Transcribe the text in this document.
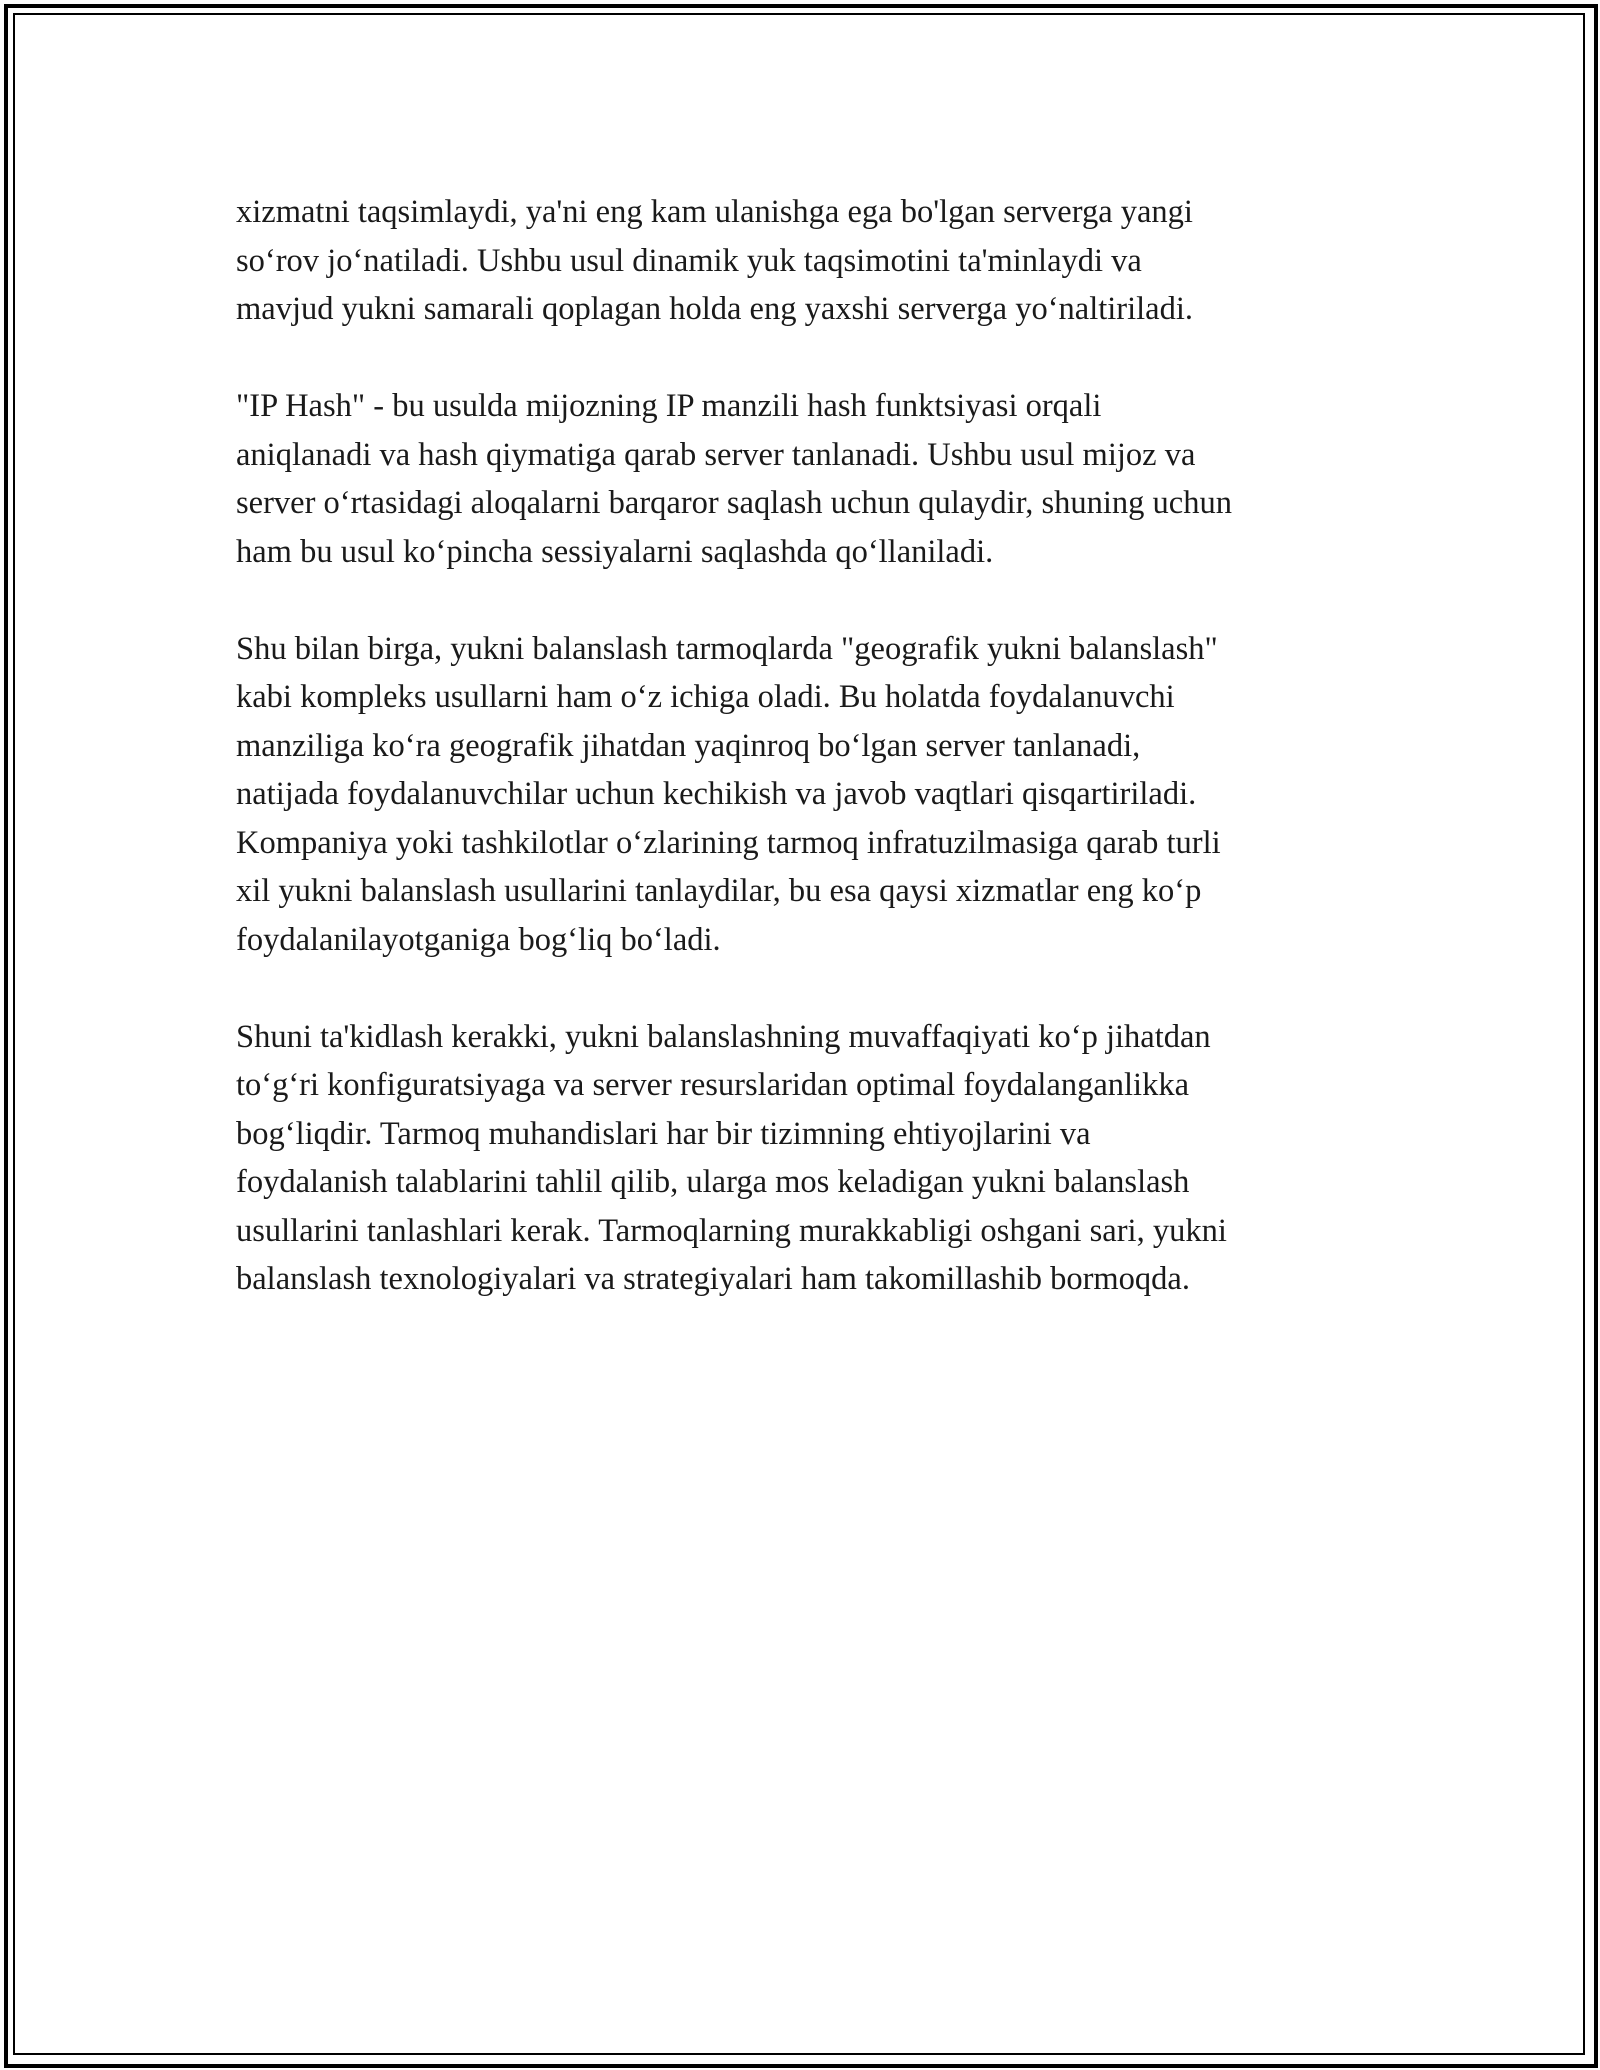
xizmatni taqsimlaydi, ya'ni eng kam ulanishga ega bo'lgan serverga yangi
so‘rov jo‘natiladi. Ushbu usul dinamik yuk taqsimotini ta'minlaydi va
mavjud yukni samarali qoplagan holda eng yaxshi serverga yo‘naltiriladi.
"IP Hash" - bu usulda mijozning IP manzili hash funktsiyasi orqali
aniqlanadi va hash qiymatiga qarab server tanlanadi. Ushbu usul mijoz va
server o‘rtasidagi aloqalarni barqaror saqlash uchun qulaydir, shuning uchun
ham bu usul ko‘pincha sessiyalarni saqlashda qo‘llaniladi.
Shu bilan birga, yukni balanslash tarmoqlarda "geografik yukni balanslash"
kabi kompleks usullarni ham o‘z ichiga oladi. Bu holatda foydalanuvchi
manziliga ko‘ra geografik jihatdan yaqinroq bo‘lgan server tanlanadi,
natijada foydalanuvchilar uchun kechikish va javob vaqtlari qisqartiriladi.
Kompaniya yoki tashkilotlar o‘zlarining tarmoq infratuzilmasiga qarab turli
xil yukni balanslash usullarini tanlaydilar, bu esa qaysi xizmatlar eng ko‘p
foydalanilayotganiga bog‘liq bo‘ladi.
Shuni ta'kidlash kerakki, yukni balanslashning muvaffaqiyati ko‘p jihatdan
to‘g‘ri konfiguratsiyaga va server resurslaridan optimal foydalanganlikka
bog‘liqdir. Tarmoq muhandislari har bir tizimning ehtiyojlarini va
foydalanish talablarini tahlil qilib, ularga mos keladigan yukni balanslash
usullarini tanlashlari kerak. Tarmoqlarning murakkabligi oshgani sari, yukni
balanslash texnologiyalari va strategiyalari ham takomillashib bormoqda.
